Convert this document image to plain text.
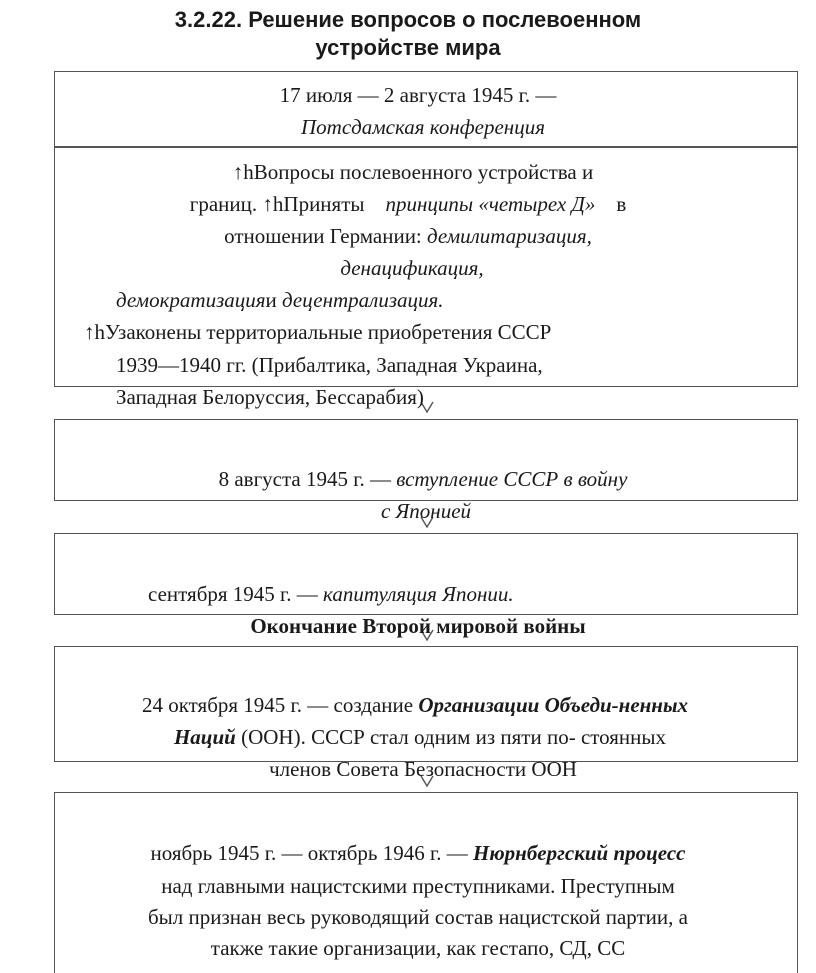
3.2.22. Решение вопросов о послевоенном
устройстве мира
17 июля — 2 августа 1945 г. —
Потсдамская конференция
↑hВопросы послевоенного устройства и
границ. ↑hПриняты принципы «четырех Д» в
отношении Германии: демилитаризация,
денацификация,
демократизацияи децентрализация.
↑hУзаконены территориальные приобретения СССР
1939—1940 гг. (Прибалтика, Западная Украина,
Западная Белоруссия, Бессарабия)
8 августа 1945 г. — вступление СССР в войну
с Японией
сентября 1945 г. — капитуляция Японии.
Окончание Второй мировой войны
24 октября 1945 г. — создание Организации Объеди-ненных
Наций (ООН). СССР стал одним из пяти по- стоянных
членов Совета Безопасности ООН
ноябрь 1945 г. — октябрь 1946 г. — Нюрнбергский процесс
над главными нацистскими преступниками. Преступным
был признан весь руководящий состав нацистской партии, а
также такие организации, как гестапо, СД, СС
